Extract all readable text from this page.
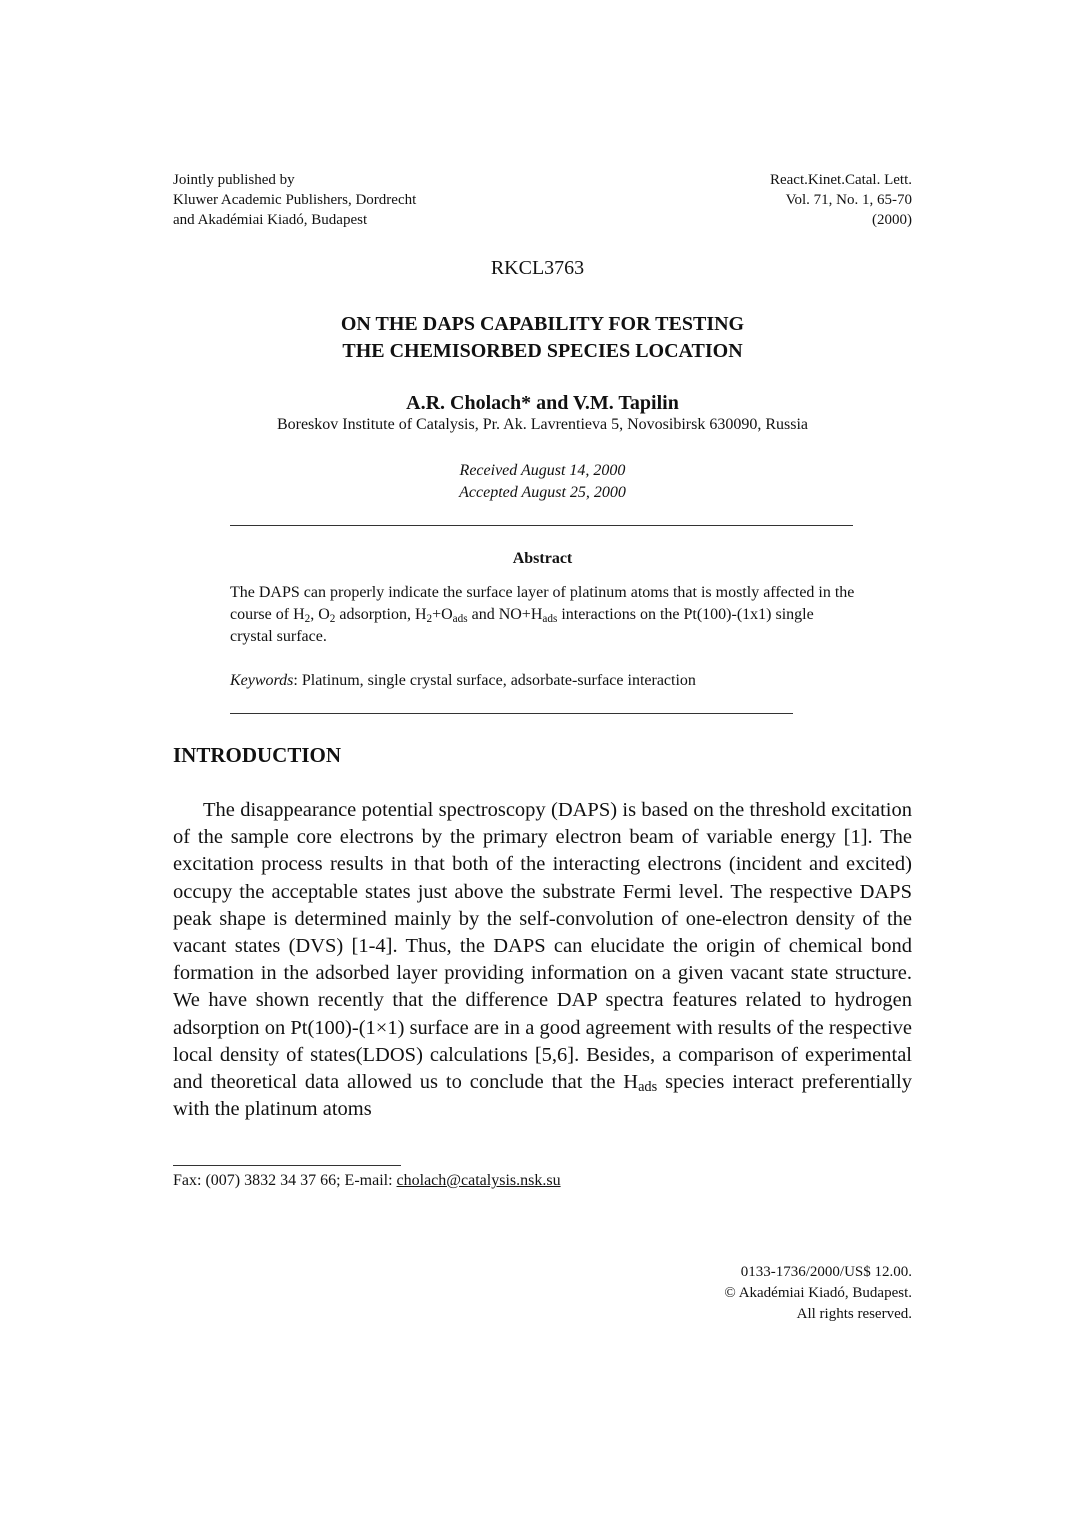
Jointly published by
Kluwer Academic Publishers, Dordrecht
and Akadémiai Kiadó, Budapest
React.Kinet.Catal. Lett.
Vol. 71, No. 1, 65-70
(2000)
RKCL3763
ON THE DAPS CAPABILITY FOR TESTING
THE CHEMISORBED SPECIES LOCATION
A.R. Cholach* and V.M. Tapilin
Boreskov Institute of Catalysis, Pr. Ak. Lavrentieva 5, Novosibirsk 630090, Russia
Received August 14, 2000
Accepted August 25, 2000
Abstract
The DAPS can properly indicate the surface layer of platinum atoms that is mostly affected in the course of $H_2$, $O_2$ adsorption, $H_2+O_{ads}$ and $NO+H_{ads}$ interactions on the Pt(100)-(1x1) single crystal surface.
Keywords: Platinum, single crystal surface, adsorbate-surface interaction
INTRODUCTION

The disappearance potential spectroscopy (DAPS) is based on the threshold excitation of the sample core electrons by the primary electron beam of variable energy [1]. The excitation process results in that both of the interacting electrons (incident and excited) occupy the acceptable states just above the substrate Fermi level. The respective DAPS peak shape is determined mainly by the self-convolution of one-electron density of the vacant states (DVS) [1-4]. Thus, the DAPS can elucidate the origin of chemical bond formation in the adsorbed layer providing information on a given vacant state structure. We have shown recently that the difference DAP spectra features related to hydrogen adsorption on Pt(100)-(1×1) surface are in a good agreement with results of the respective local density of states(LDOS) calculations [5,6]. Besides, a comparison of experimental and theoretical data allowed us to conclude that the $H_{ads}$ species interact preferentially with the platinum atoms

Fax: (007) 3832 34 37 66; E-mail: cholach@catalysis.nsk.su
0133-1736/2000/US$ 12.00.
© Akadémiai Kiadó, Budapest.
All rights reserved.
